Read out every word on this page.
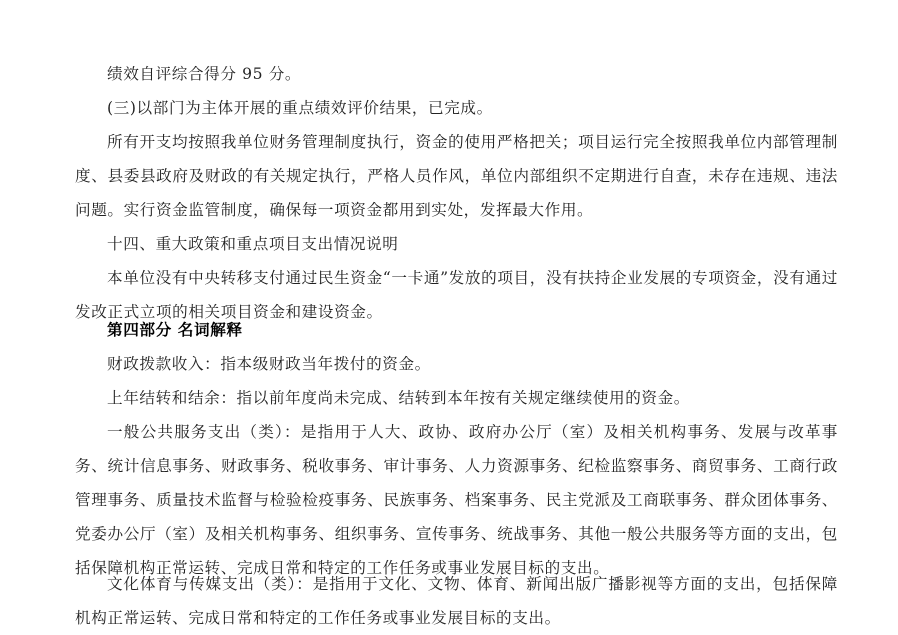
绩效自评综合得分 95 分。

(三)以部门为主体开展的重点绩效评价结果，已完成。

所有开支均按照我单位财务管理制度执行，资金的使用严格把关；项目运行完全按照我单位内部管理制度、县委县政府及财政的有关规定执行，严格人员作风，单位内部组织不定期进行自查，未存在违规、违法问题。实行资金监管制度，确保每一项资金都用到实处，发挥最大作用。

十四、重大政策和重点项目支出情况说明

本单位没有中央转移支付通过民生资金“一卡通”发放的项目，没有扶持企业发展的专项资金，没有通过发改正式立项的相关项目资金和建设资金。

第四部分 名词解释

财政拨款收入：指本级财政当年拨付的资金。

上年结转和结余：指以前年度尚未完成、结转到本年按有关规定继续使用的资金。

一般公共服务支出（类）：是指用于人大、政协、政府办公厅（室）及相关机构事务、发展与改革事务、统计信息事务、财政事务、税收事务、审计事务、人力资源事务、纪检监察事务、商贸事务、工商行政管理事务、质量技术监督与检验检疫事务、民族事务、档案事务、民主党派及工商联事务、群众团体事务、党委办公厅（室）及相关机构事务、组织事务、宣传事务、统战事务、其他一般公共服务等方面的支出，包括保障机构正常运转、完成日常和特定的工作任务或事业发展目标的支出。

文化体育与传媒支出（类）：是指用于文化、文物、体育、新闻出版广播影视等方面的支出，包括保障机构正常运转、完成日常和特定的工作任务或事业发展目标的支出。
